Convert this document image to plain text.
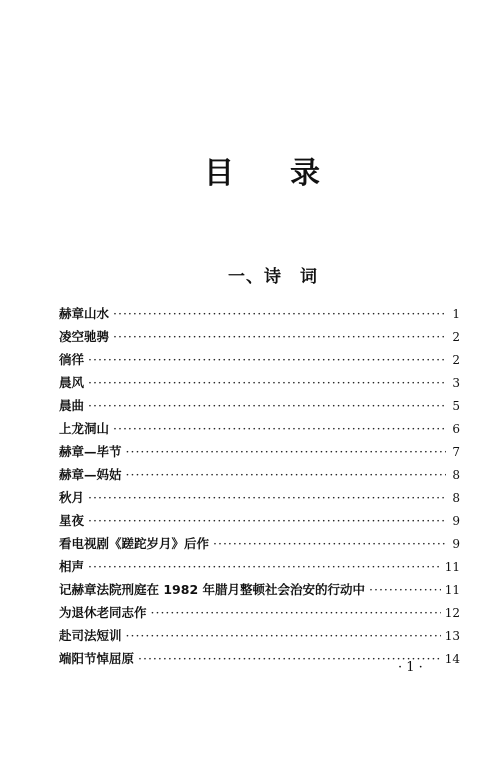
目 录
一、诗　词
赫章山水 ·····	1
凌空驰骋 ·····	2
徜徉 ·····	2
晨风 ·····	3
晨曲 ·····	5
上龙洞山 ·····	6
赫章—毕节 ·····	7
赫章—妈姑 ·····	8
秋月 ·····	8
星夜 ·····	9
看电视剧《蹉跎岁月》后作 ·····	9
相声 ·····	11
记赫章法院刑庭在 1982 年腊月整顿社会治安的行动中 ·····	11
为退休老同志作 ·····	12
赴司法短训 ·····	13
端阳节悼屈原 ·····	14
· 1 ·
